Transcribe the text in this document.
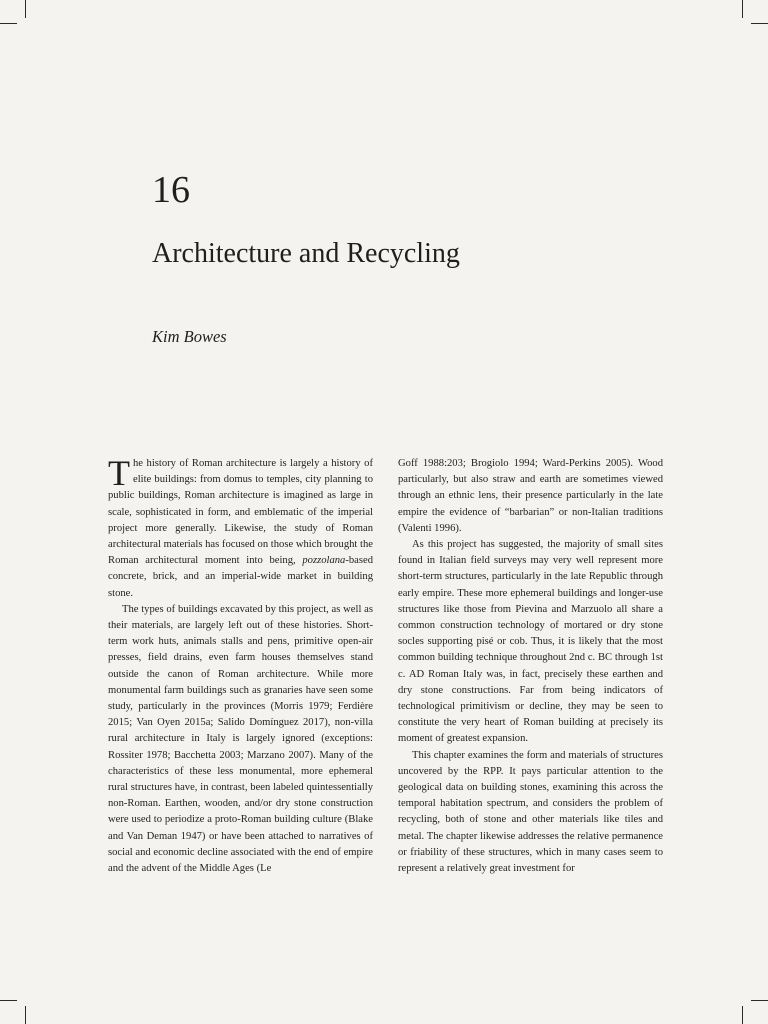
16
Architecture and Recycling

Kim Bowes

The history of Roman architecture is largely a history of elite buildings: from domus to temples, city planning to public buildings, Roman architecture is imagined as large in scale, sophisticated in form, and emblematic of the imperial project more generally. Likewise, the study of Roman architectural materials has focused on those which brought the Roman architectural moment into being, pozzolana-based concrete, brick, and an imperial-wide market in building stone.

The types of buildings excavated by this project, as well as their materials, are largely left out of these histories. Short-term work huts, animals stalls and pens, primitive open-air presses, field drains, even farm houses themselves stand outside the canon of Roman architecture. While more monumental farm buildings such as granaries have seen some study, particularly in the provinces (Morris 1979; Ferdière 2015; Van Oyen 2015a; Salido Domínguez 2017), non-villa rural architecture in Italy is largely ignored (exceptions: Rossiter 1978; Bacchetta 2003; Marzano 2007). Many of the characteristics of these less monumental, more ephemeral rural structures have, in contrast, been labeled quintessentially non-Roman. Earthen, wooden, and/or dry stone construction were used to periodize a proto-Roman building culture (Blake and Van Deman 1947) or have been attached to narratives of social and economic decline associated with the end of empire and the advent of the Middle Ages (Le

Goff 1988:203; Brogiolo 1994; Ward-Perkins 2005). Wood particularly, but also straw and earth are sometimes viewed through an ethnic lens, their presence particularly in the late empire the evidence of “barbarian” or non-Italian traditions (Valenti 1996).

As this project has suggested, the majority of small sites found in Italian field surveys may very well represent more short-term structures, particularly in the late Republic through early empire. These more ephemeral buildings and longer-use structures like those from Pievina and Marzuolo all share a common construction technology of mortared or dry stone socles supporting pisé or cob. Thus, it is likely that the most common building technique throughout 2nd c. BC through 1st c. AD Roman Italy was, in fact, precisely these earthen and dry stone constructions. Far from being indicators of technological primitivism or decline, they may be seen to constitute the very heart of Roman building at precisely its moment of greatest expansion.

This chapter examines the form and materials of structures uncovered by the RPP. It pays particular attention to the geological data on building stones, examining this across the temporal habitation spectrum, and considers the problem of recycling, both of stone and other materials like tiles and metal. The chapter likewise addresses the relative permanence or friability of these structures, which in many cases seem to represent a relatively great investment for
